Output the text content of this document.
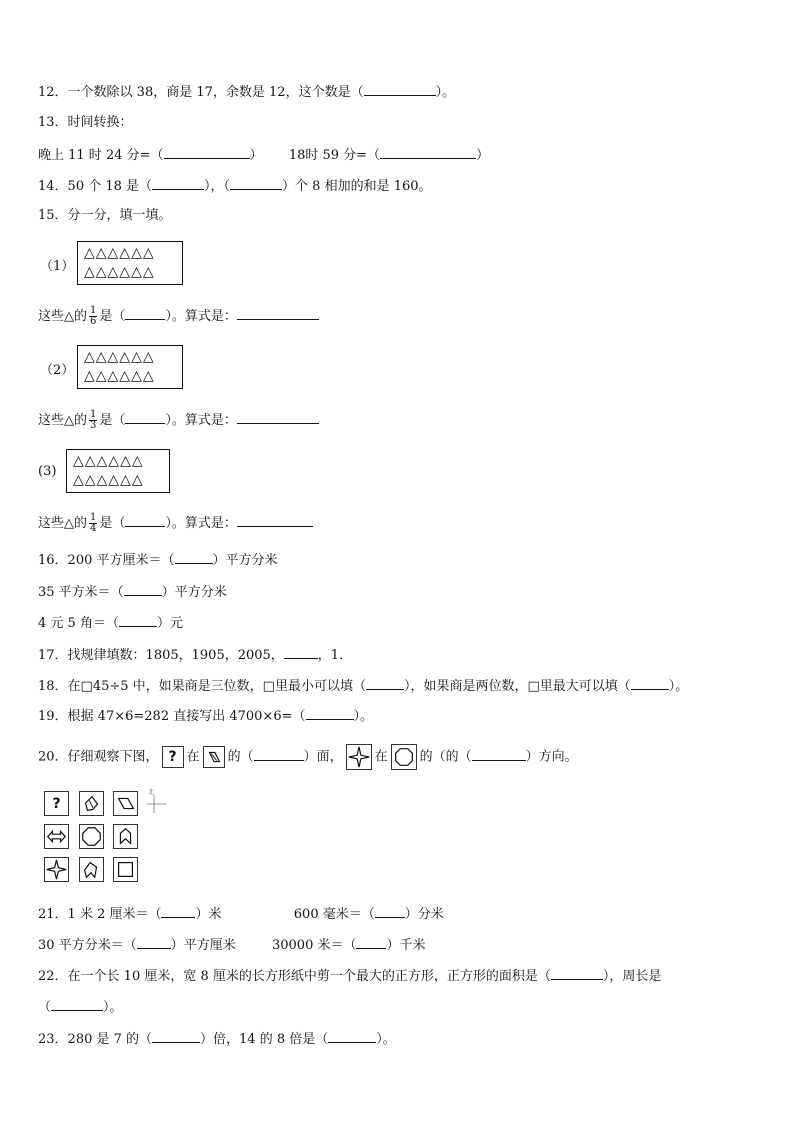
12．一个数除以 38，商是 17，余数是 12，这个数是（	）。
13．时间转换：
晚上 11 时 24 分=（	） 18时 59 分=（	）
14．50 个 18 是（	），（	）个 8 相加的和是 160。
15．分一分，填一填。
（1）
△△△△△△
△△△△△△
这些△的 $\frac{1}{6}$ 是（	）。算式是：
（2）
△△△△△△
△△△△△△
这些△的 $\frac{1}{3}$ 是（	）。算式是：
(3)
△△△△△△
△△△△△△
这些△的 $\frac{1}{4}$ 是（	）。算式是：
16．200 平方厘米＝（	）平方分米
35 平方米＝（	）平方分米
4 元 5 角＝（	）元
17．找规律填数：1805，1905，2005，	，1．
18．在□45÷5 中，如果商是三位数，□里最小可以填（	），如果商是两位数，□里最大可以填（	）。
19．根据 47×6=282 直接写出 4700×6=（	）。
20．仔细观察下图， ? 在 的（	）面， 在 的（的（	）方向。
?
北
21．1 米 2 厘米＝（	）米	600 毫米＝（ ）分米
30 平方分米＝（	）平方厘米	30000 米＝（ ）千米
22．在一个长 10 厘米，宽 8 厘米的长方形纸中剪一个最大的正方形，正方形的面积是（	），周长是
（	）。
23．280 是 7 的（	）倍，14 的 8 倍是（	）。
